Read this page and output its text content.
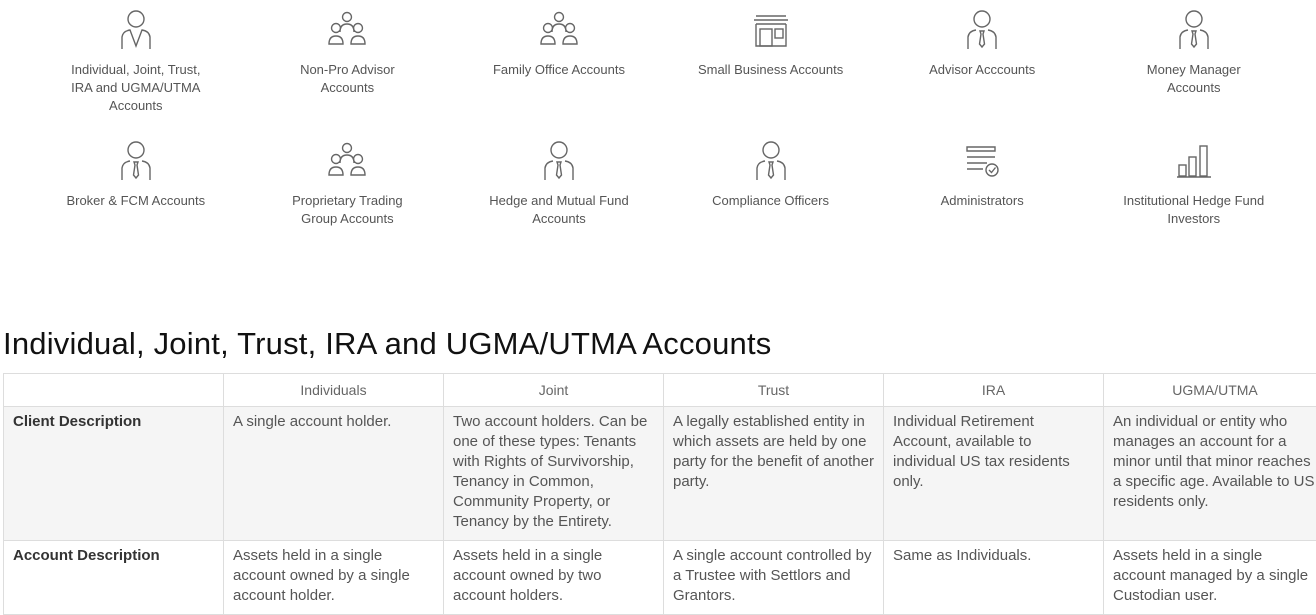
Individual, Joint, Trust, IRA and UGMA/UTMA Accounts
Non-Pro Advisor Accounts
Family Office Accounts	Small Business Accounts	Advisor Acccounts	Money Manager Accounts
Broker & FCM Accounts	Proprietary Trading Group Accounts
Hedge and Mutual Fund Accounts
Compliance Officers	Administrators	Institutional Hedge Fund Investors
Individual, Joint, Trust, IRA and UGMA/UTMA Accounts
	Individuals	Joint	Trust	IRA	UGMA/UTMA
Client Description	A single account holder.	Two account holders. Can be one of these types: Tenants with Rights of Survivorship, Tenancy in Common, Community Property, or Tenancy by the Entirety.	A legally established entity in which assets are held by one party for the benefit of another party.	Individual Retirement Account, available to individual US tax residents only.	An individual or entity who manages an account for a minor until that minor reaches a specific age. Available to US residents only.
Account Description	Assets held in a single account owned by a single account holder.	Assets held in a single account owned by two account holders.	A single account controlled by a Trustee with Settlors and Grantors.	Same as Individuals.	Assets held in a single account managed by a single Custodian user.
